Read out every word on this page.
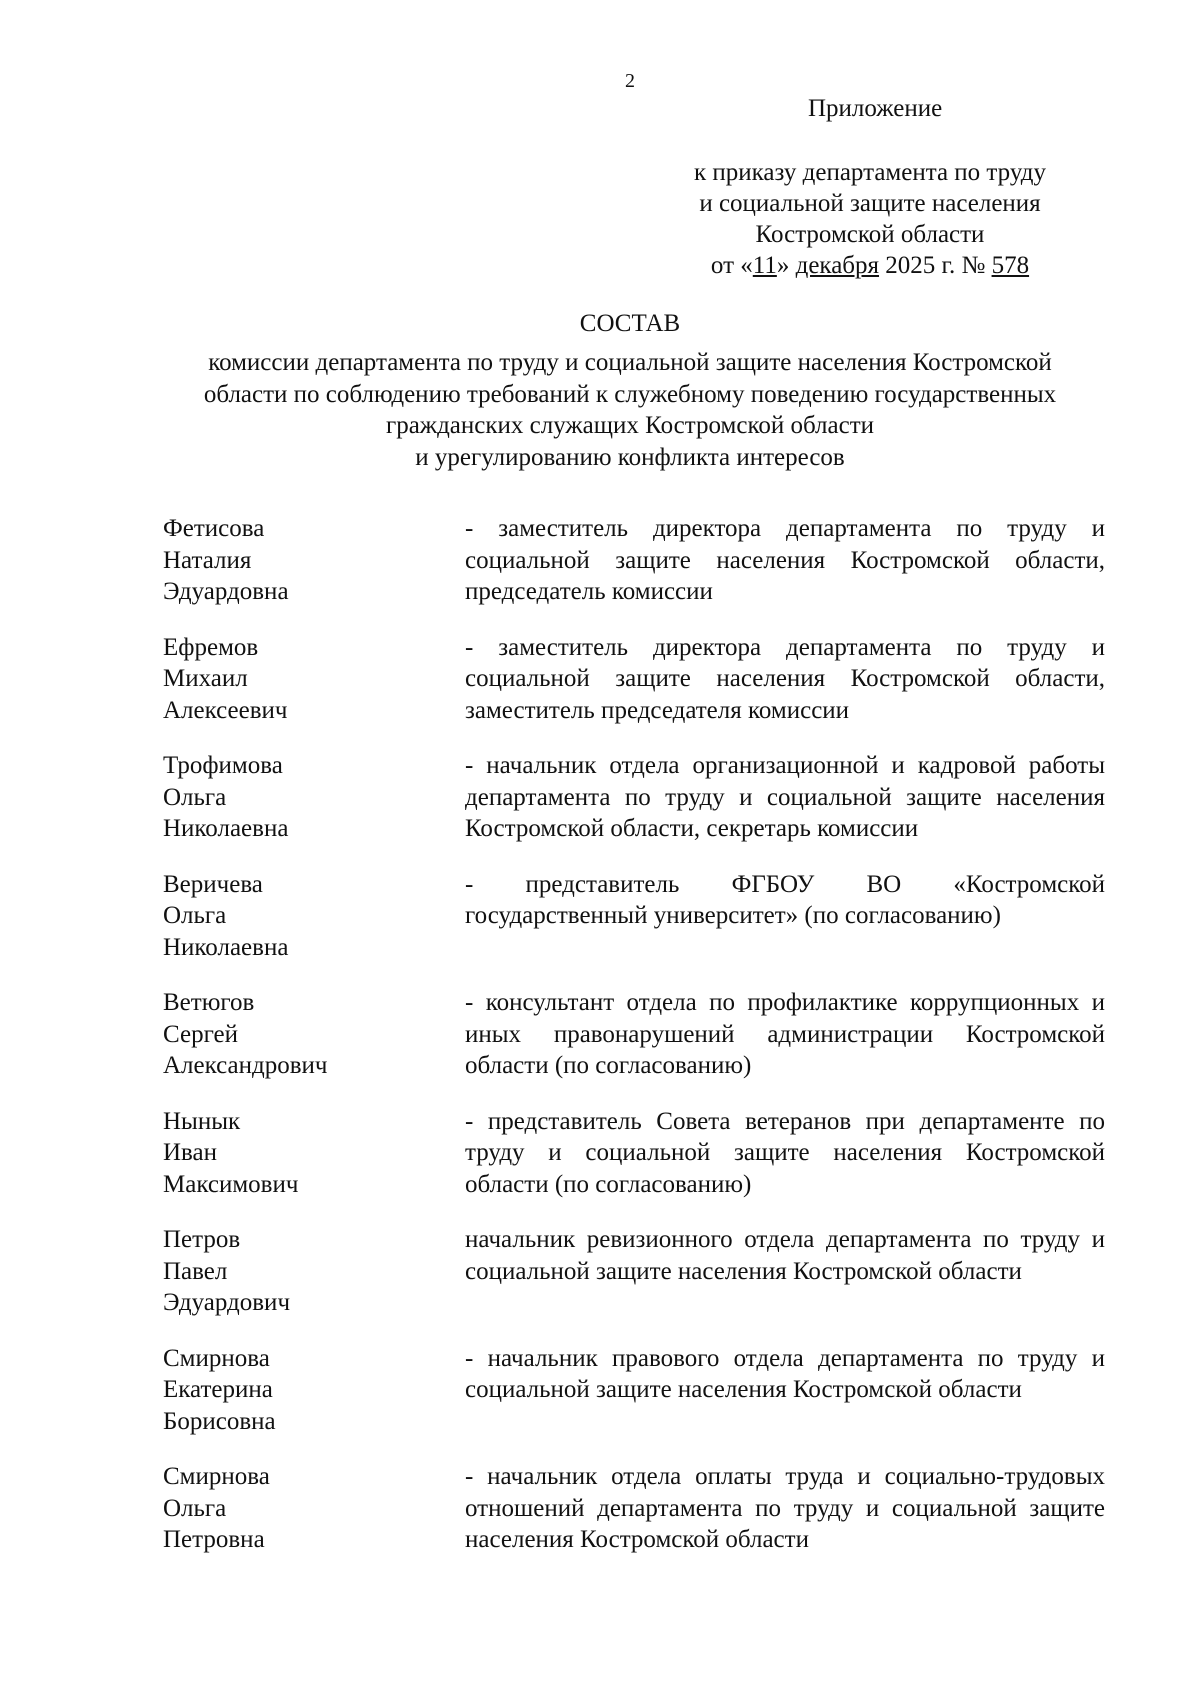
2
Приложение
к приказу департамента по труду
и социальной защите населения
Костромской области
от «11» декабря 2025 г. № 578
СОСТАВ
комиссии департамента по труду и социальной защите населения Костромской
области по соблюдению требований к служебному поведению государственных
гражданских служащих Костромской области
и урегулированию конфликта интересов
Фетисова
Наталия
Эдуардовна
- заместитель директора департамента по труду и социальной защите населения Костромской области, председатель комиссии
Ефремов
Михаил
Алексеевич
- заместитель директора департамента по труду и социальной защите населения Костромской области, заместитель председателя комиссии
Трофимова
Ольга
Николаевна
- начальник отдела организационной и кадровой работы департамента по труду и социальной защите населения Костромской области, секретарь комиссии
Веричева
Ольга
Николаевна
- представитель ФГБОУ ВО «Костромской государственный университет» (по согласованию)
Ветюгов
Сергей
Александрович
- консультант отдела по профилактике коррупционных и иных правонарушений администрации Костромской области (по согласованию)
Нынык
Иван
Максимович
- представитель Совета ветеранов при департаменте по труду и социальной защите населения Костромской области (по согласованию)
Петров
Павел
Эдуардович
начальник ревизионного отдела департамента по труду и социальной защите населения Костромской области
Смирнова
Екатерина
Борисовна
- начальник правового отдела департамента по труду и социальной защите населения Костромской области
Смирнова
Ольга
Петровна
- начальник отдела оплаты труда и социально-трудовых отношений департамента по труду и социальной защите населения Костромской области
